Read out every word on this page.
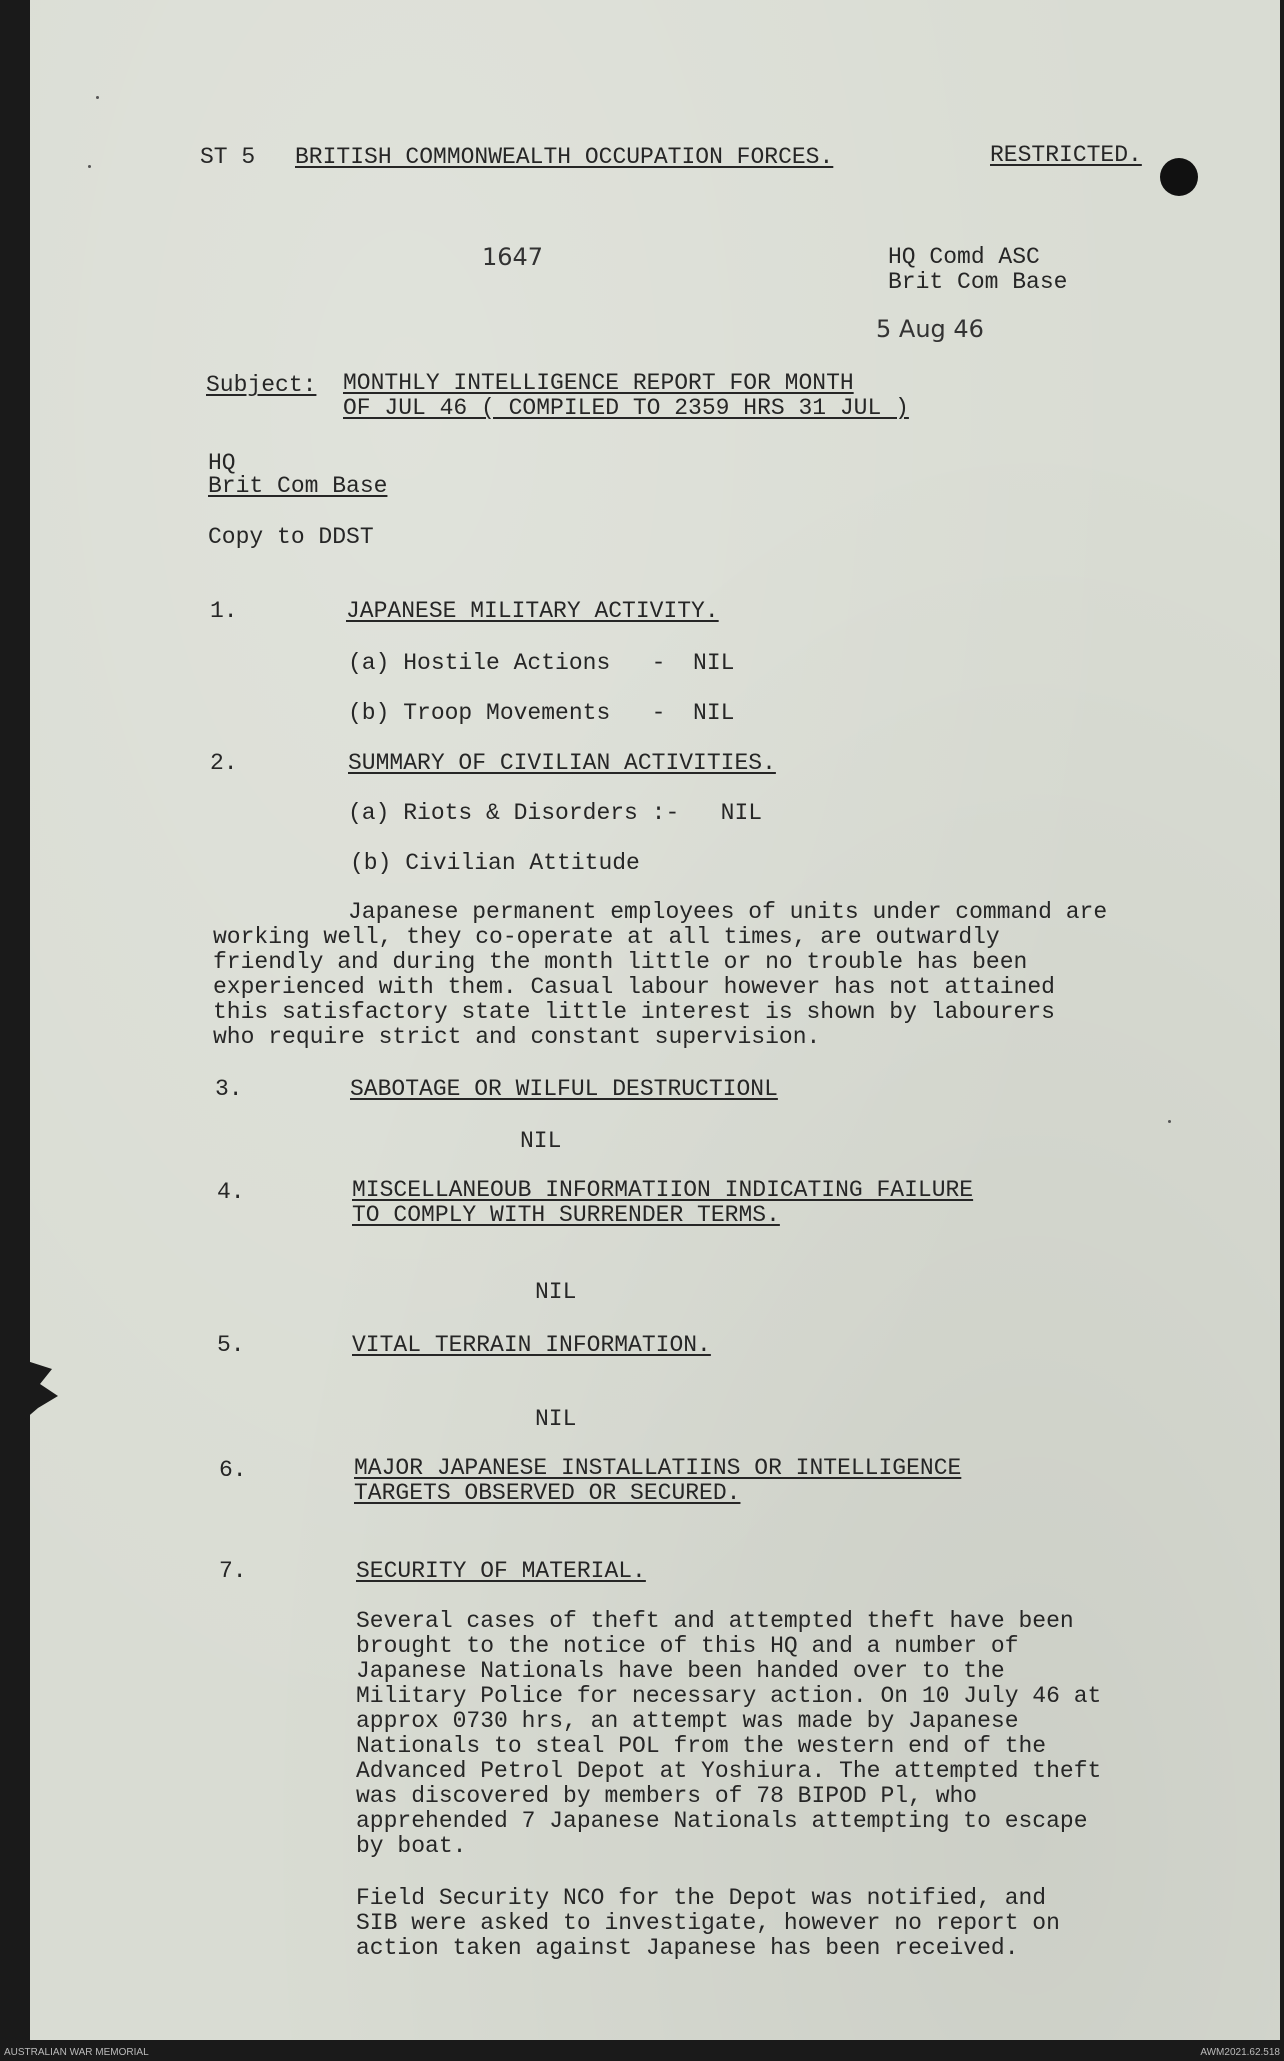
ST 5 BRITISH COMMONWEALTH OCCUPATION FORCES.	RESTRICTED.

1647	HQ Comd ASC

Brit Com Base

5 Aug 46

Subject: MONTHLY INTELLIGENCE REPORT FOR MONTH

OF JUL 46 ( COMPILED TO 2359 HRS 31 JUL )

HQ

Brit Com Base

Copy to DDST

1.	JAPANESE MILITARY ACTIVITY.

(a) Hostile Actions   -  NIL

(b) Troop Movements   -  NIL

2.	SUMMARY OF CIVILIAN ACTIVITIES.

(a) Riots & Disorders :-   NIL

(b) Civilian Attitude

Japanese permanent employees of units under command are

working well, they co-operate at all times, are outwardly

friendly and during the month little or no trouble has been

experienced with them. Casual labour however has not attained

this satisfactory state little interest is shown by labourers

who require strict and constant supervision.

3.	SABOTAGE OR WILFUL DESTRUCTIONL

NIL

4.	MISCELLANEOUB INFORMATIION INDICATING FAILURE

TO COMPLY WITH SURRENDER TERMS.

NIL

5.	VITAL TERRAIN INFORMATION.

NIL

6.	MAJOR JAPANESE INSTALLATIINS OR INTELLIGENCE

TARGETS OBSERVED OR SECURED.

7.	SECURITY OF MATERIAL.

Several cases of theft and attempted theft have been

brought to the notice of this HQ and a number of

Japanese Nationals have been handed over to the

Military Police for necessary action. On 10 July 46 at

approx 0730 hrs, an attempt was made by Japanese

Nationals to steal POL from the western end of the

Advanced Petrol Depot at Yoshiura. The attempted theft

was discovered by members of 78 BIPOD Pl, who

apprehended 7 Japanese Nationals attempting to escape

by boat.

Field Security NCO for the Depot was notified, and

SIB were asked to investigate, however no report on

action taken against Japanese has been received.

AUSTRALIAN WAR MEMORIAL	AWM2021.62.518
